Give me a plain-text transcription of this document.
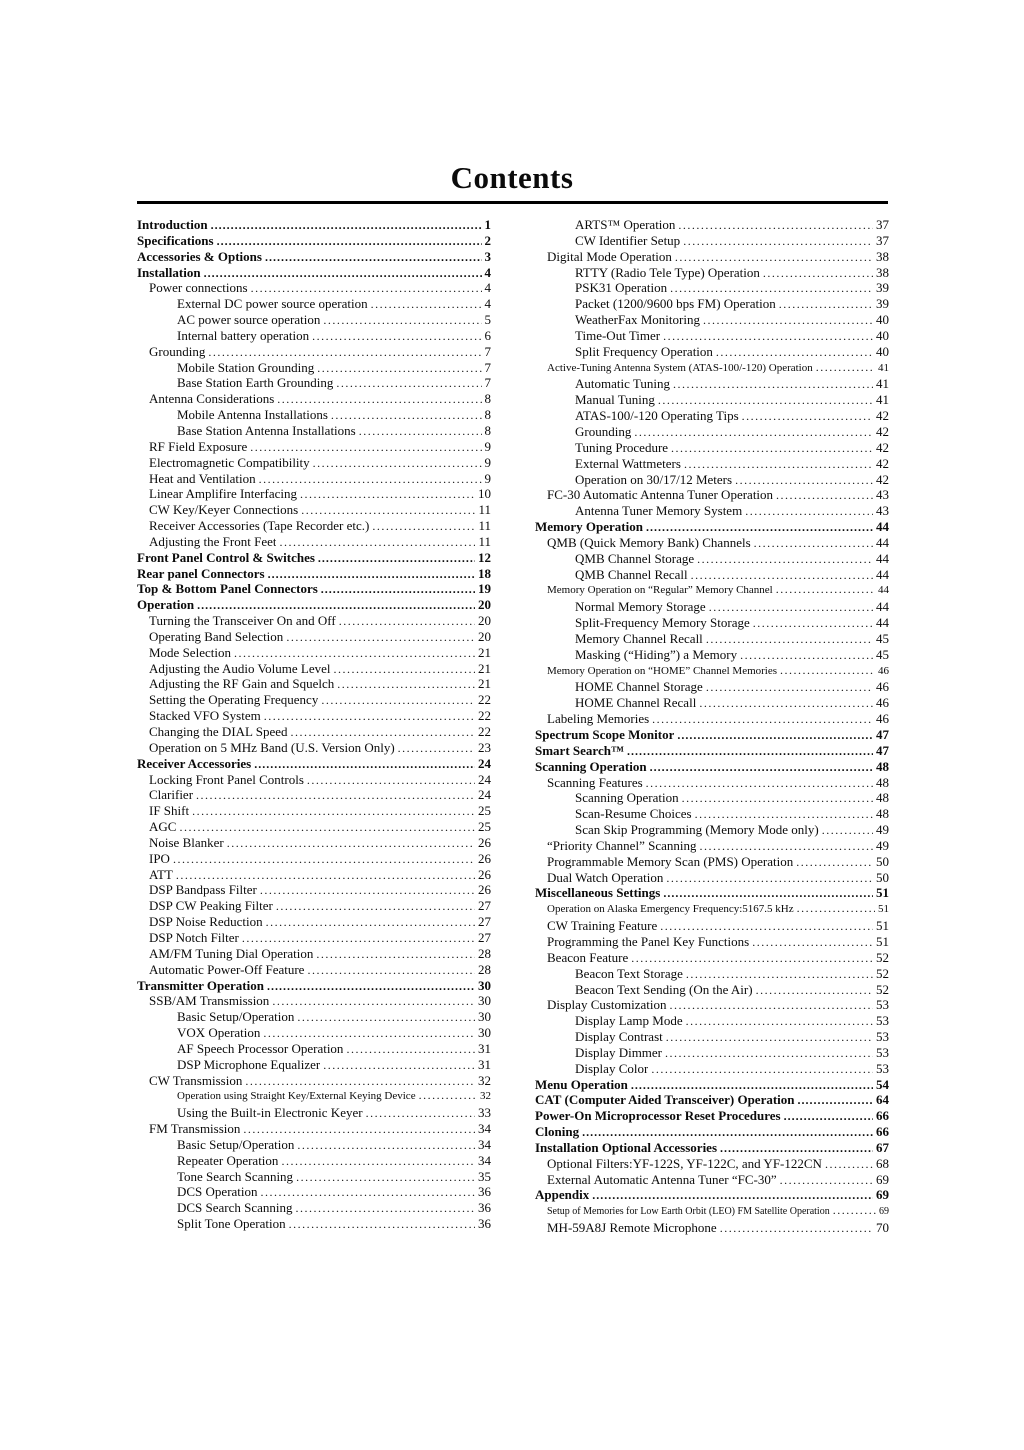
Contents
Introduction .....	1
Specifications .....	2
Accessories & Options .....	3
Installation .....	4
Power connections .....	4
External DC power source operation .....	4
AC power source operation .....	5
Internal battery operation .....	6
Grounding .....	7
Mobile Station Grounding .....	7
Base Station Earth Grounding .....	7
Antenna Considerations .....	8
Mobile Antenna Installations .....	8
Base Station Antenna Installations .....	8
RF Field Exposure .....	9
Electromagnetic Compatibility .....	9
Heat and Ventilation .....	9
Linear Amplifire Interfacing .....	10
CW Key/Keyer Connections .....	11
Receiver Accessories (Tape Recorder etc.) .....	11
Adjusting the Front Feet .....	11
Front Panel Control & Switches .....	12
Rear panel Connectors .....	18
Top & Bottom Panel Connectors .....	19
Operation .....	20
Turning the Transceiver On and Off .....	20
Operating Band Selection .....	20
Mode Selection .....	21
Adjusting the Audio Volume Level .....	21
Adjusting the RF Gain and Squelch .....	21
Setting the Operating Frequency .....	22
Stacked VFO System .....	22
Changing the DIAL Speed .....	22
Operation on 5 MHz Band (U.S. Version Only) .....	23
Receiver Accessories .....	24
Locking Front Panel Controls .....	24
Clarifier .....	24
IF Shift .....	25
AGC .....	25
Noise Blanker .....	26
IPO .....	26
ATT .....	26
DSP Bandpass Filter .....	26
DSP CW Peaking Filter .....	27
DSP Noise Reduction .....	27
DSP Notch Filter .....	27
AM/FM Tuning Dial Operation .....	28
Automatic Power-Off Feature .....	28
Transmitter Operation .....	30
SSB/AM Transmission .....	30
Basic Setup/Operation .....	30
VOX Operation .....	30
AF Speech Processor Operation .....	31
DSP Microphone Equalizer .....	31
CW Transmission .....	32
Operation using Straight Key/External Keying Device .....	32
Using the Built-in Electronic Keyer .....	33
FM Transmission .....	34
Basic Setup/Operation .....	34
Repeater Operation .....	34
Tone Search Scanning .....	35
DCS Operation .....	36
DCS Search Scanning .....	36
Split Tone Operation .....	36
ARTS™ Operation .....	37
CW Identifier Setup .....	37
Digital Mode Operation .....	38
RTTY (Radio Tele Type) Operation .....	38
PSK31 Operation .....	39
Packet (1200/9600 bps FM) Operation .....	39
WeatherFax Monitoring .....	40
Time-Out Timer .....	40
Split Frequency Operation .....	40
Active-Tuning Antenna System (ATAS-100/-120) Operation .....	41
Automatic Tuning .....	41
Manual Tuning .....	41
ATAS-100/-120 Operating Tips .....	42
Grounding .....	42
Tuning Procedure .....	42
External Wattmeters .....	42
Operation on 30/17/12 Meters .....	42
FC-30 Automatic Antenna Tuner Operation .....	43
Antenna Tuner Memory System .....	43
Memory Operation .....	44
QMB (Quick Memory Bank) Channels .....	44
QMB Channel Storage .....	44
QMB Channel Recall .....	44
Memory Operation on “Regular” Memory Channel .....	44
Normal Memory Storage .....	44
Split-Frequency Memory Storage .....	44
Memory Channel Recall .....	45
Masking (“Hiding”) a Memory .....	45
Memory Operation on “HOME” Channel Memories .....	46
HOME Channel Storage .....	46
HOME Channel Recall .....	46
Labeling Memories .....	46
Spectrum Scope Monitor .....	47
Smart Search™ .....	47
Scanning Operation .....	48
Scanning Features .....	48
Scanning Operation .....	48
Scan-Resume Choices .....	48
Scan Skip Programming (Memory Mode only) .....	49
“Priority Channel” Scanning .....	49
Programmable Memory Scan (PMS) Operation .....	50
Dual Watch Operation .....	50
Miscellaneous Settings .....	51
Operation on Alaska Emergency Frequency:5167.5 kHz .....	51
CW Training Feature .....	51
Programming the Panel Key Functions .....	51
Beacon Feature .....	52
Beacon Text Storage .....	52
Beacon Text Sending (On the Air) .....	52
Display Customization .....	53
Display Lamp Mode .....	53
Display Contrast .....	53
Display Dimmer .....	53
Display Color .....	53
Menu Operation .....	54
CAT (Computer Aided Transceiver) Operation .....	64
Power-On Microprocessor Reset Procedures .....	66
Cloning .....	66
Installation Optional Accessories .....	67
Optional Filters:YF-122S, YF-122C, and YF-122CN .....	68
External Automatic Antenna Tuner “FC-30” .....	69
Appendix .....	69
Setup of Memories for Low Earth Orbit (LEO) FM Satellite Operation .....	69
MH-59A8J Remote Microphone .....	70
